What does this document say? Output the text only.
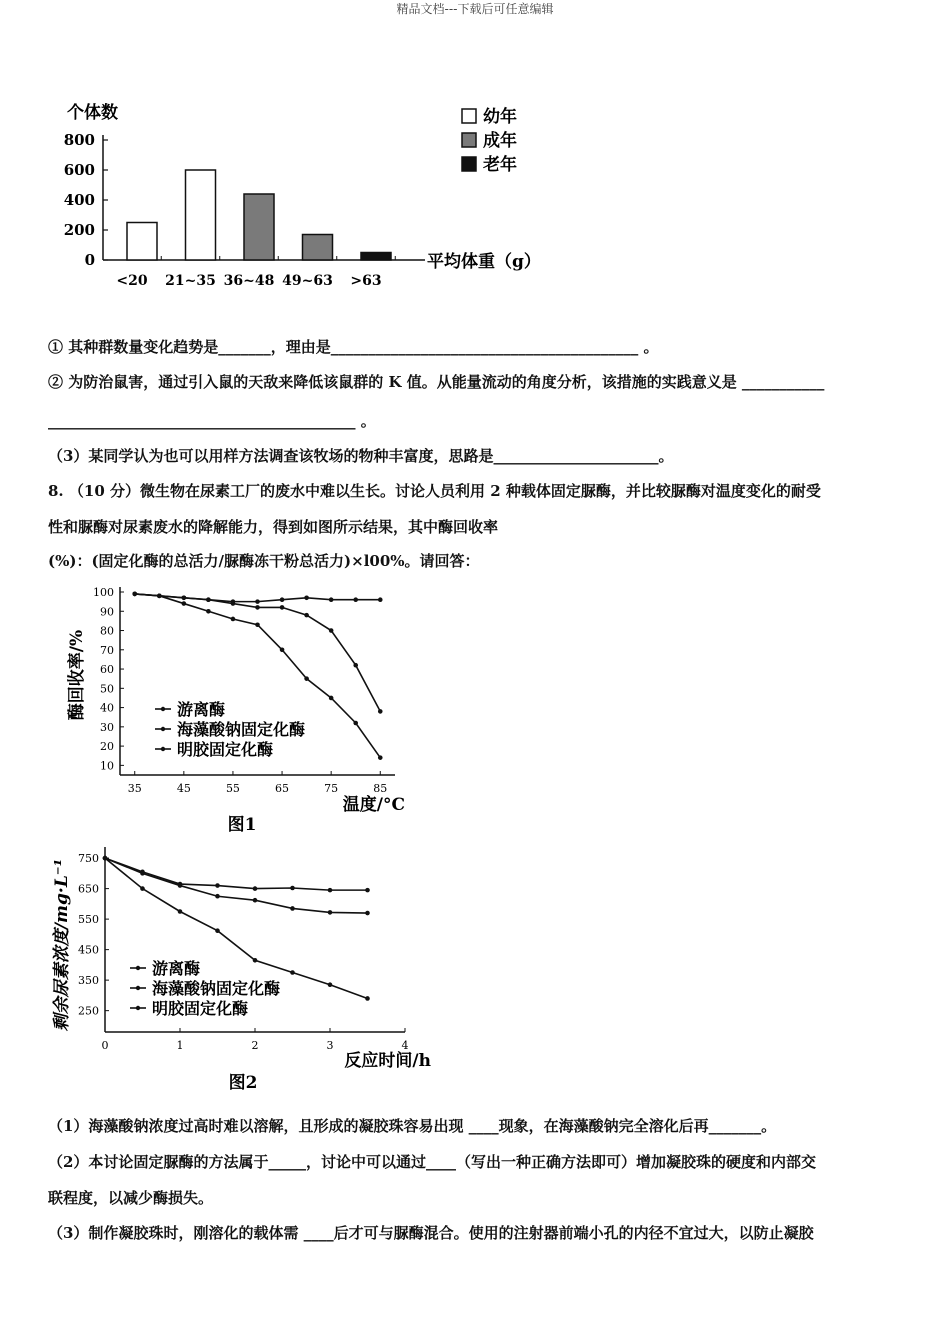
精品文档---下载后可任意编辑
个体数
800
600
400
200
0
<20 21~35 36~48 49~63 >63
平均体重（g）
幼年
成年
老年
① 其种群数量变化趋势是_______，理由是_________________________________________ 。
② 为防治鼠害，通过引入鼠的天敌来降低该鼠群的 K 值。从能量流动的角度分析，该措施的实践意义是 ___________
_________________________________________ 。
（3）某同学认为也可以用样方法调查该牧场的物种丰富度，思路是______________________。
8. （10 分）微生物在尿素工厂的废水中难以生长。讨论人员利用 2 种载体固定脲酶，并比较脲酶对温度变化的耐受
性和脲酶对尿素废水的降解能力，得到如图所示结果，其中酶回收率
(%)：(固定化酶的总活力/脲酶冻干粉总活力)×l00%。请回答：
酶回收率/%
100
90
80
70
60
50
40
30
20
10
35	45	55	65	75	85
游离酶
海藻酸钠固定化酶
明胶固定化酶
温度/°C
图1
剩余尿素浓度/mg·L⁻¹
750
650
550
450
350
250
0	1	2	3	4
游离酶
海藻酸钠固定化酶
明胶固定化酶
反应时间/h
图2
（1）海藻酸钠浓度过高时难以溶解，且形成的凝胶珠容易出现 ____现象，在海藻酸钠完全溶化后再_______。
（2）本讨论固定脲酶的方法属于_____，讨论中可以通过____（写出一种正确方法即可）增加凝胶珠的硬度和内部交
联程度，以减少酶损失。
（3）制作凝胶珠时，刚溶化的载体需 ____后才可与脲酶混合。使用的注射器前端小孔的内径不宜过大，以防止凝胶
